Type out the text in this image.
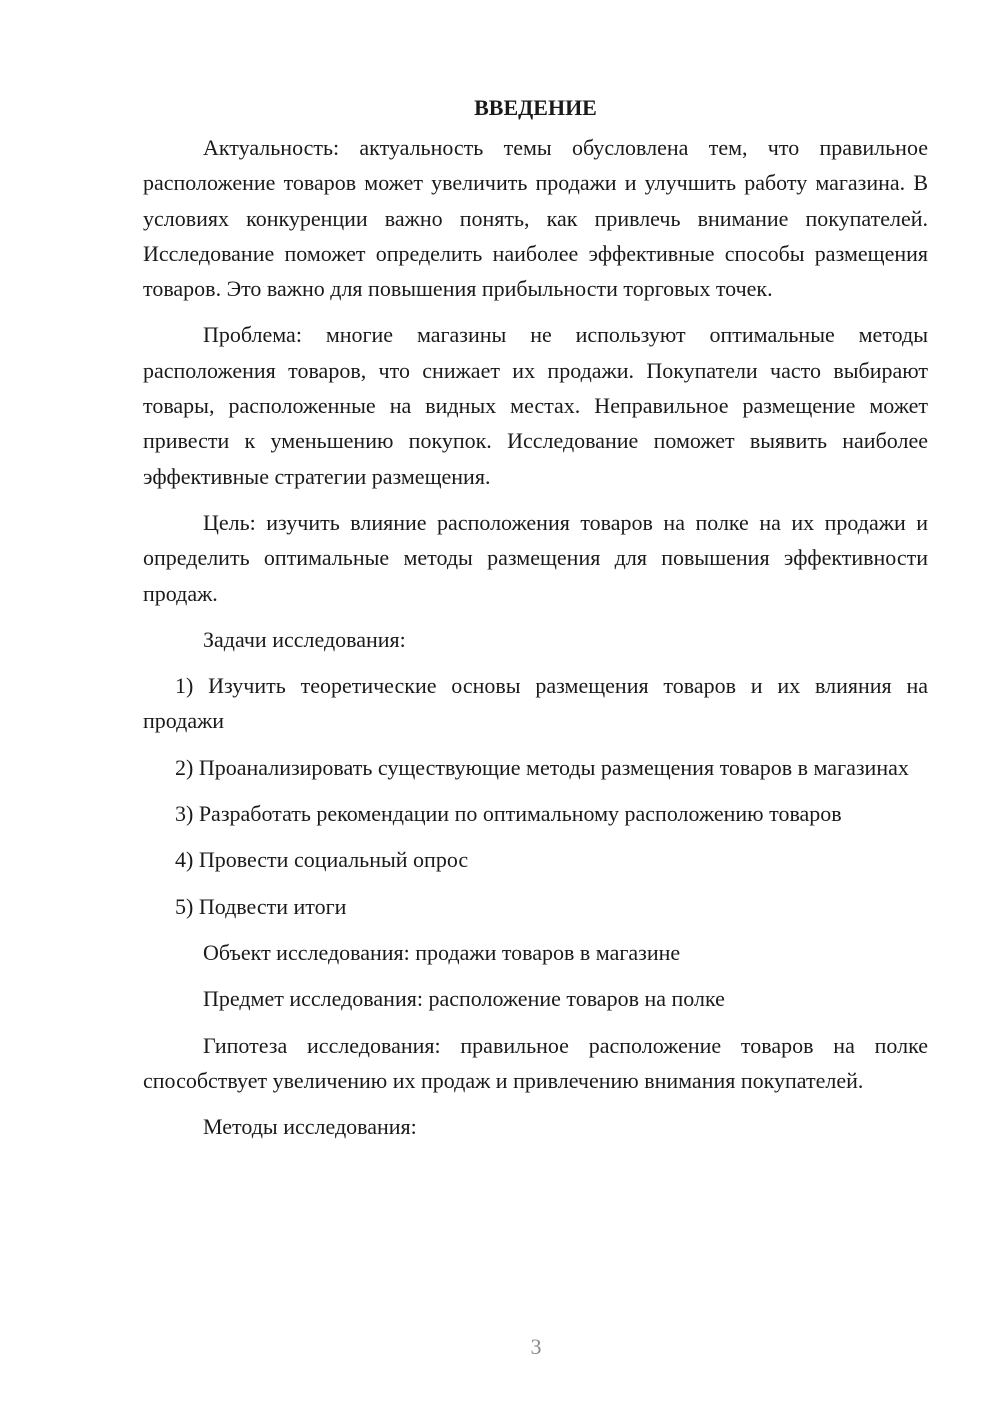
ВВЕДЕНИЕ

Актуальность: актуальность темы обусловлена тем, что правильное расположение товаров может увеличить продажи и улучшить работу магазина. В условиях конкуренции важно понять, как привлечь внимание покупателей. Исследование поможет определить наиболее эффективные способы размещения товаров. Это важно для повышения прибыльности торговых точек.

Проблема: многие магазины не используют оптимальные методы расположения товаров, что снижает их продажи. Покупатели часто выбирают товары, расположенные на видных местах. Неправильное размещение может привести к уменьшению покупок. Исследование поможет выявить наиболее эффективные стратегии размещения.

Цель: изучить влияние расположения товаров на полке на их продажи и определить оптимальные методы размещения для повышения эффективности продаж.

Задачи исследования:

1) Изучить теоретические основы размещения товаров и их влияния на продажи

2) Проанализировать существующие методы размещения товаров в магазинах

3) Разработать рекомендации по оптимальному расположению товаров

4) Провести социальный опрос

5) Подвести итоги

Объект исследования: продажи товаров в магазине

Предмет исследования: расположение товаров на полке

Гипотеза исследования: правильное расположение товаров на полке способствует увеличению их продаж и привлечению внимания покупателей.

Методы исследования:

3
